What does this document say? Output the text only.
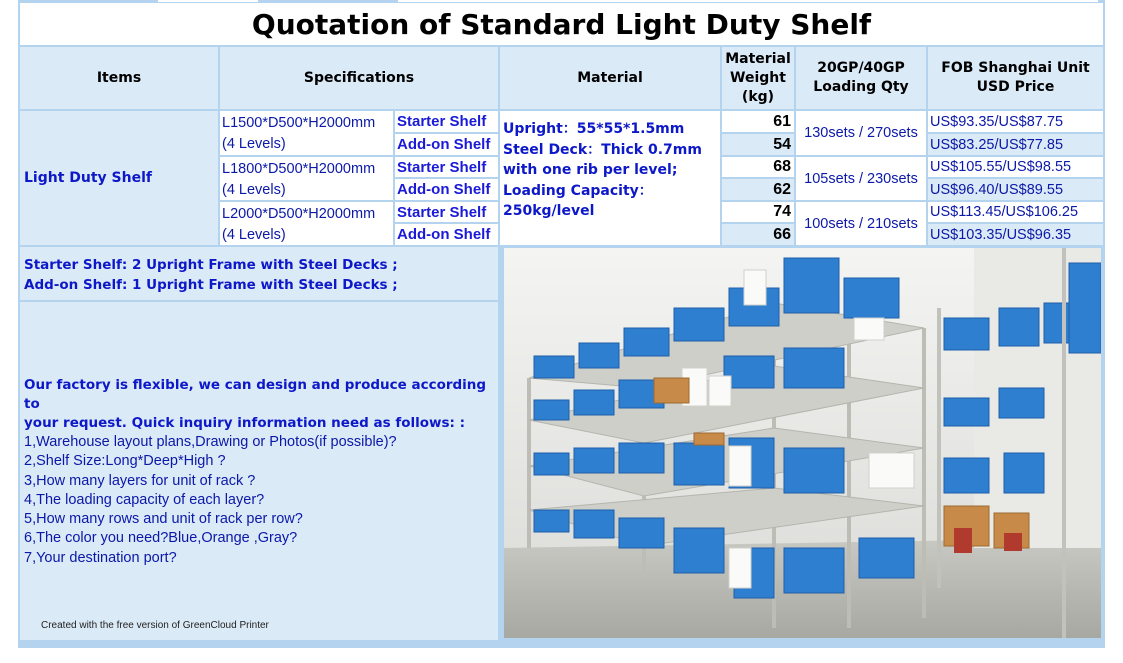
Quotation of Standard Light Duty Shelf
Items	Specifications	Material
Material
Weight
(kg)
20GP/40GP
Loading Qty
FOB Shanghai Unit
USD Price
Light Duty Shelf
L1500*D500*H2000mm
(4 Levels)
Starter Shelf
Add-on Shelf
61
54
130sets / 270sets
US$93.35/US$87.75
US$83.25/US$77.85
L1800*D500*H2000mm
(4 Levels)
Starter Shelf
Add-on Shelf
68
62
105sets / 230sets
US$105.55/US$98.55
US$96.40/US$89.55
L2000*D500*H2000mm
(4 Levels)
Starter Shelf
Add-on Shelf
74
66
100sets / 210sets
US$113.45/US$106.25
US$103.35/US$96.35
Upright：55*55*1.5mm
Steel Deck：Thick 0.7mm
with one rib per level;
Loading Capacity：
250kg/level
Starter Shelf: 2 Upright Frame with Steel Decks ;
Add-on Shelf: 1 Upright Frame with Steel Decks ;
Our factory is flexible, we can design and produce according to
your request. Quick inquiry information need as follows: :
1,Warehouse layout plans,Drawing or Photos(if possible)?
2,Shelf Size:Long*Deep*High ?
3,How many layers for unit of rack ?
4,The loading capacity of each layer?
5,How many rows and unit of rack per row?
6,The color you need?Blue,Orange ,Gray?
7,Your destination port?
Created with the free version of GreenCloud Printer
